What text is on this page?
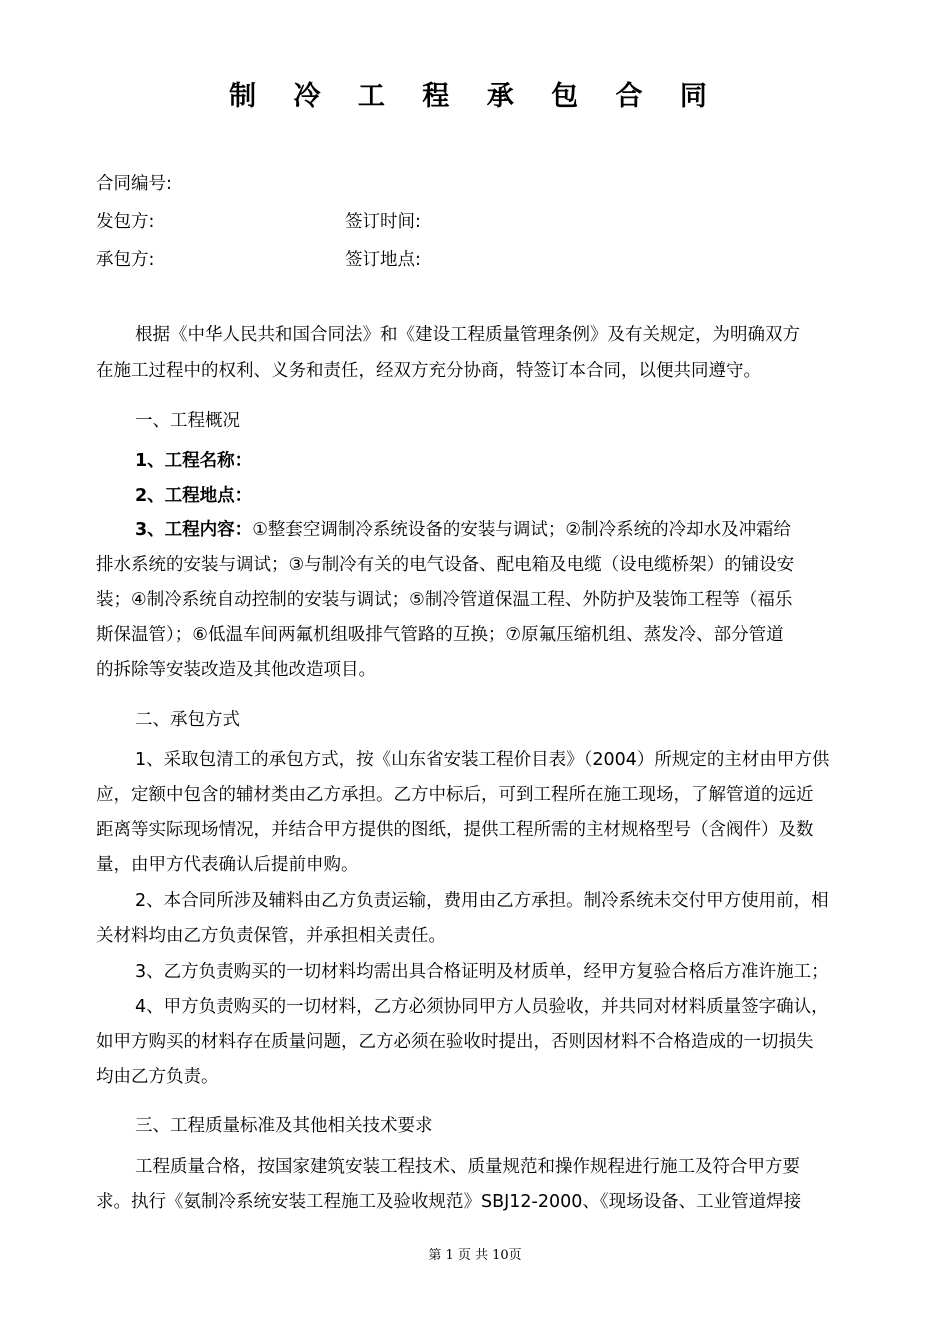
制 冷 工 程 承 包 合 同
合同编号:
发包方:	签订时间:
承包方:	签订地点:
根据《中华人民共和国合同法》和《建设工程质量管理条例》及有关规定，为明确双方
在施工过程中的权利、义务和责任，经双方充分协商，特签订本合同，以便共同遵守。
一、工程概况
1、工程名称：
2、工程地点：
3、工程内容：①整套空调制冷系统设备的安装与调试；②制冷系统的冷却水及冲霜给
排水系统的安装与调试；③与制冷有关的电气设备、配电箱及电缆（设电缆桥架）的铺设安
装；④制冷系统自动控制的安装与调试；⑤制冷管道保温工程、外防护及装饰工程等（福乐
斯保温管）；⑥低温车间两氟机组吸排气管路的互换；⑦原氟压缩机组、蒸发冷、部分管道
的拆除等安装改造及其他改造项目。
二、承包方式
1、采取包清工的承包方式，按《山东省安装工程价目表》（2004）所规定的主材由甲方供
应，定额中包含的辅材类由乙方承担。乙方中标后，可到工程所在施工现场，了解管道的远近
距离等实际现场情况，并结合甲方提供的图纸，提供工程所需的主材规格型号（含阀件）及数
量，由甲方代表确认后提前申购。
2、本合同所涉及辅料由乙方负责运输，费用由乙方承担。制冷系统未交付甲方使用前，相
关材料均由乙方负责保管，并承担相关责任。
3、乙方负责购买的一切材料均需出具合格证明及材质单，经甲方复验合格后方准许施工；
4、甲方负责购买的一切材料，乙方必须协同甲方人员验收，并共同对材料质量签字确认，
如甲方购买的材料存在质量问题，乙方必须在验收时提出，否则因材料不合格造成的一切损失
均由乙方负责。
三、工程质量标准及其他相关技术要求
工程质量合格，按国家建筑安装工程技术、质量规范和操作规程进行施工及符合甲方要
求。执行《氨制冷系统安装工程施工及验收规范》SBJ12-2000、《现场设备、工业管道焊接
第 1 页 共 10页
